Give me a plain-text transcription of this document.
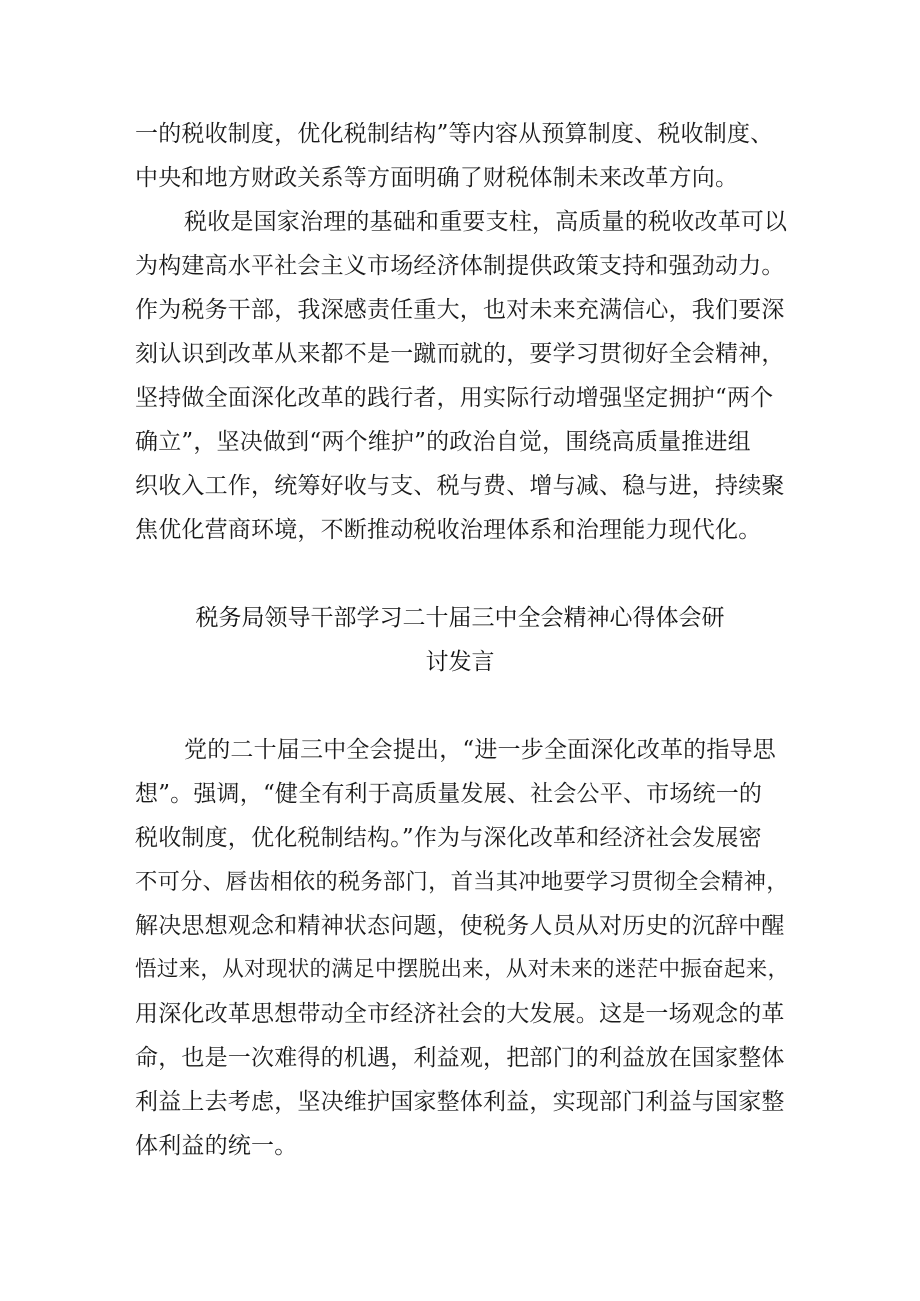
一的税收制度，优化税制结构”等内容从预算制度、税收制度、
中央和地方财政关系等方面明确了财税体制未来改革方向。
税收是国家治理的基础和重要支柱，高质量的税收改革可以
为构建高水平社会主义市场经济体制提供政策支持和强劲动力。
作为税务干部，我深感责任重大，也对未来充满信心，我们要深
刻认识到改革从来都不是一蹴而就的，要学习贯彻好全会精神，
坚持做全面深化改革的践行者，用实际行动增强坚定拥护“两个
确立”，坚决做到“两个维护”的政治自觉，围绕高质量推进组
织收入工作，统筹好收与支、税与费、增与减、稳与进，持续聚
焦优化营商环境，不断推动税收治理体系和治理能力现代化。
税务局领导干部学习二十届三中全会精神心得体会研
讨发言
党的二十届三中全会提出，“进一步全面深化改革的指导思
想”。强调，“健全有利于高质量发展、社会公平、市场统一的
税收制度，优化税制结构。”作为与深化改革和经济社会发展密
不可分、唇齿相依的税务部门，首当其冲地要学习贯彻全会精神，
解决思想观念和精神状态问题，使税务人员从对历史的沉辞中醒
悟过来，从对现状的满足中摆脱出来，从对未来的迷茫中振奋起来，
用深化改革思想带动全市经济社会的大发展。这是一场观念的革
命，也是一次难得的机遇，利益观，把部门的利益放在国家整体
利益上去考虑，坚决维护国家整体利益，实现部门利益与国家整
体利益的统一。
